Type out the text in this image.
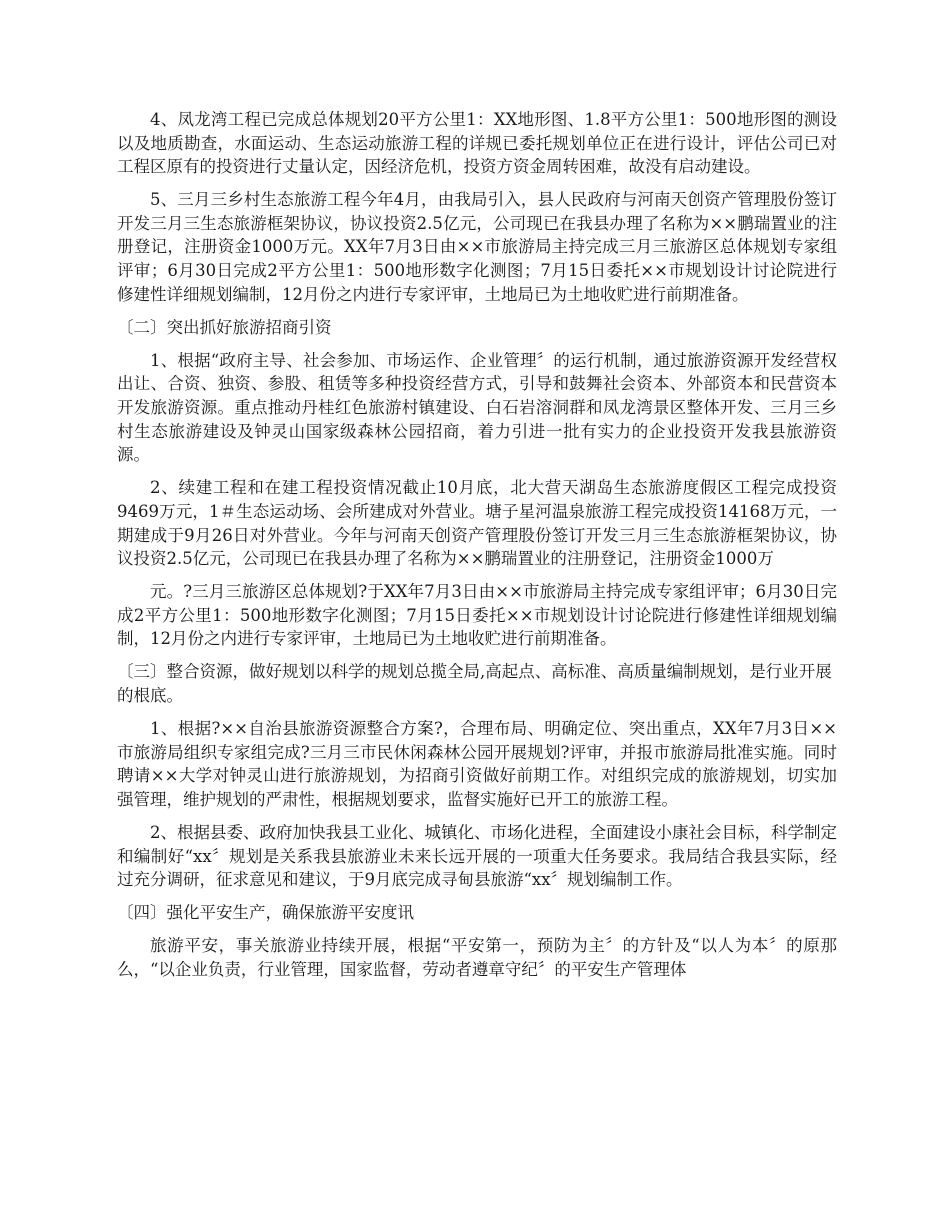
4、凤龙湾工程已完成总体规划20平方公里1：XX地形图、1.8平方公里1：500地形图的测设以及地质勘查，水面运动、生态运动旅游工程的详规已委托规划单位正在进行设计，评估公司已对工程区原有的投资进行丈量认定，因经济危机，投资方资金周转困难，故没有启动建设。

5、三月三乡村生态旅游工程今年4月，由我局引入，县人民政府与河南天创资产管理股份签订开发三月三生态旅游框架协议，协议投资2.5亿元，公司现已在我县办理了名称为××鹏瑞置业的注册登记，注册资金1000万元。XX年7月3日由××市旅游局主持完成三月三旅游区总体规划专家组评审；6月30日完成2平方公里1：500地形数字化测图；7月15日委托××市规划设计讨论院进行修建性详细规划编制，12月份之内进行专家评审，土地局已为土地收贮进行前期准备。

〔二〕突出抓好旅游招商引资

1、根据“政府主导、社会参加、市场运作、企业管理〞的运行机制，通过旅游资源开发经营权出让、合资、独资、参股、租赁等多种投资经营方式，引导和鼓舞社会资本、外部资本和民营资本开发旅游资源。重点推动丹桂红色旅游村镇建设、白石岩溶洞群和凤龙湾景区整体开发、三月三乡村生态旅游建设及钟灵山国家级森林公园招商，着力引进一批有实力的企业投资开发我县旅游资源。

2、续建工程和在建工程投资情况截止10月底，北大营天湖岛生态旅游度假区工程完成投资9469万元，1＃生态运动场、会所建成对外营业。塘子星河温泉旅游工程完成投资14168万元，一期建成于9月26日对外营业。今年与河南天创资产管理股份签订开发三月三生态旅游框架协议，协议投资2.5亿元，公司现已在我县办理了名称为××鹏瑞置业的注册登记，注册资金1000万

元。?三月三旅游区总体规划?于XX年7月3日由××市旅游局主持完成专家组评审；6月30日完成2平方公里1：500地形数字化测图；7月15日委托××市规划设计讨论院进行修建性详细规划编制，12月份之内进行专家评审，土地局已为土地收贮进行前期准备。

〔三〕整合资源，做好规划以科学的规划总揽全局,高起点、高标准、高质量编制规划，是行业开展的根底。

1、根据?××自治县旅游资源整合方案?，合理布局、明确定位、突出重点，XX年7月3日××市旅游局组织专家组完成?三月三市民休闲森林公园开展规划?评审，并报市旅游局批准实施。同时聘请××大学对钟灵山进行旅游规划，为招商引资做好前期工作。对组织完成的旅游规划，切实加强管理，维护规划的严肃性，根据规划要求，监督实施好已开工的旅游工程。

2、根据县委、政府加快我县工业化、城镇化、市场化进程，全面建设小康社会目标，科学制定和编制好“xx〞规划是关系我县旅游业未来长远开展的一项重大任务要求。我局结合我县实际，经过充分调研，征求意见和建议，于9月底完成寻甸县旅游“xx〞规划编制工作。

〔四〕强化平安生产，确保旅游平安度讯

旅游平安，事关旅游业持续开展，根据“平安第一，预防为主〞的方针及“以人为本〞的原那么，“以企业负责，行业管理，国家监督，劳动者遵章守纪〞的平安生产管理体
